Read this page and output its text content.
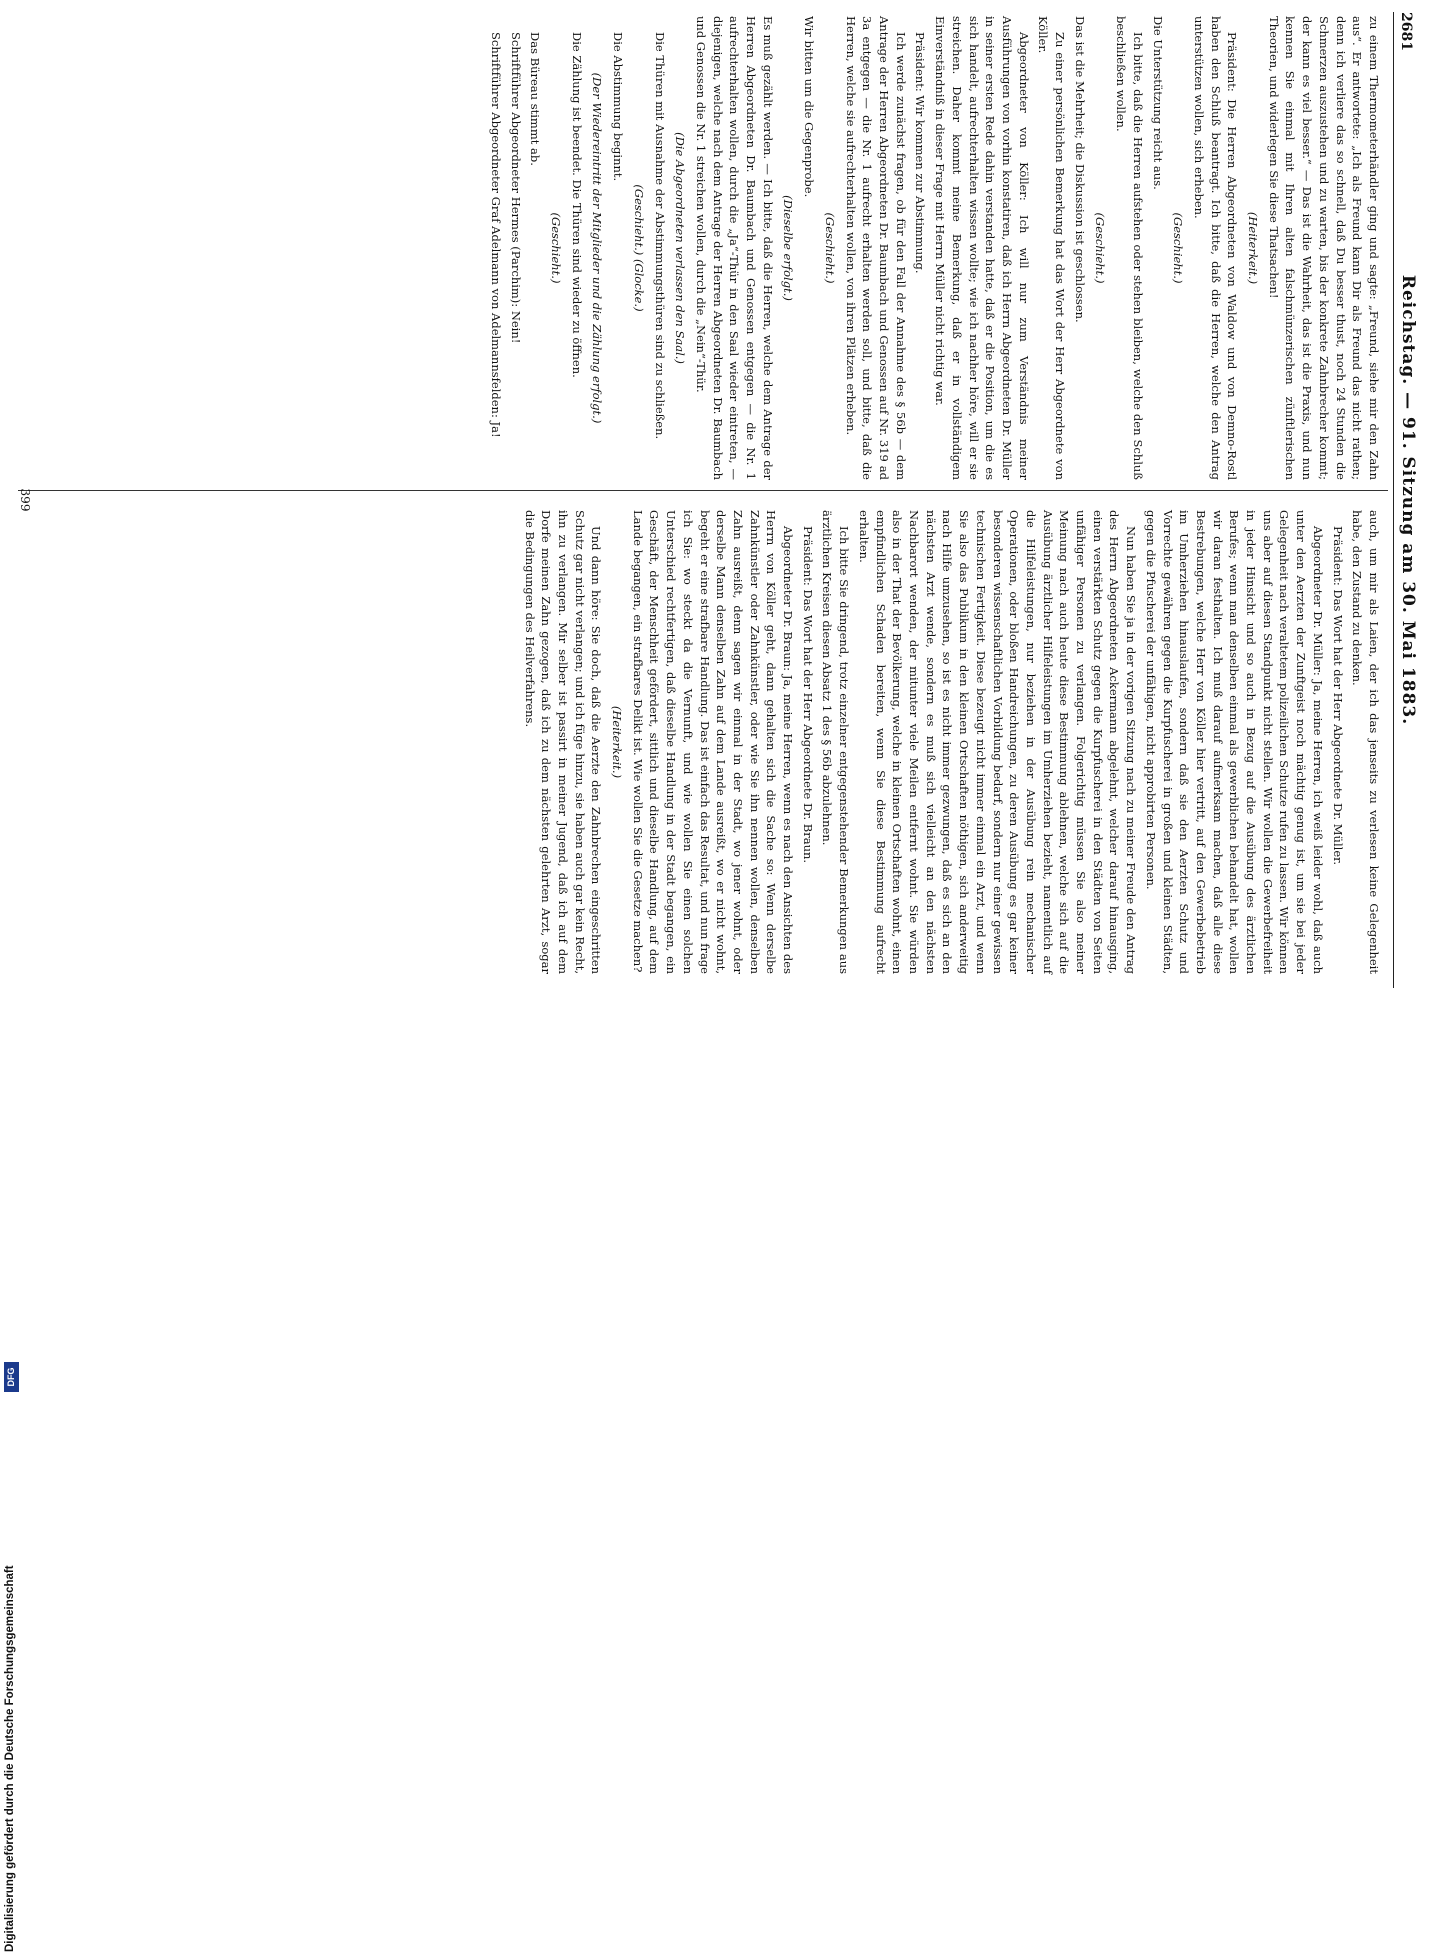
2681
Reichstag. — 91. Sitzung am 30. Mai 1883.

zu einem Thermometerhändler ging und sagte: „Freund, siehe mir den Zahn aus“. Er antwortete: „Ich als Freund kann Dir als Freund das nicht rathen; denn ich verliere das so schnell, daß Du besser thust, noch 24 Stunden die Schmerzen auszustehen und zu warten, bis der konkrete Zahnbrecher kommt; der kann es viel besser.“ — Das ist die Wahrheit, das ist die Praxis, und nun kennen Sie einmal mit Ihren alten falschmünzerischen zünftlerischen Theorien, und widerlegen Sie diese Thatsachen!

(Heiterkeit.)

Präsident: Die Herren Abgeordneten von Waldow und von Demno-Rostl haben den Schluß beantragt. Ich bitte, daß die Herren, welche den Antrag unterstützen wollen, sich erheben.

(Geschieht.)

Die Unterstützung reicht aus.

Ich bitte, daß die Herren aufstehen oder stehen bleiben, welche den Schluß beschließen wollen.

(Geschieht.)

Das ist die Mehrheit; die Diskussion ist geschlossen.

Zu einer persönlichen Bemerkung hat das Wort der Herr Abgeordnete von Köller.

Abgeordneter von Köller: Ich will nur zum Verständnis meiner Ausführungen von vorhin konstatiren, daß ich Herrn Abgeordneten Dr. Müller in seiner ersten Rede dahin verstanden hatte, daß er die Position, um die es sich handelt, aufrechterhalten wissen wollte; wie ich nachher höre, will er sie streichen. Daher kommt meine Bemerkung, daß er in vollständigem Einverständniß in dieser Frage mit Herrn Müller nicht richtig war.

Präsident: Wir kommen zur Abstimmung.

Ich werde zunächst fragen, ob für den Fall der Annahme des § 56b — dem Antrage der Herren Abgeordneten Dr. Baumbach und Genossen auf Nr. 319 ad 3a entgegen — die Nr. 1 aufrecht erhalten werden soll, und bitte, daß die Herren, welche sie aufrechterhalten wollen, von ihren Plätzen erheben.

(Geschieht.)

Wir bitten um die Gegenprobe.

(Dieselbe erfolgt.)

Es muß gezählt werden. — Ich bitte, daß die Herren, welche dem Antrage der Herren Abgeordneten Dr. Baumbach und Genossen entgegen — die Nr. 1 aufrechterhalten wollen, durch die „Ja“-Thür in den Saal wieder eintreten, — diejenigen, welche nach dem Antrage der Herren Abgeordneten Dr. Baumbach und Genossen die Nr. 1 streichen wollen, durch die „Nein“-Thür.

(Die Abgeordneten verlassen den Saal.)

Die Thüren mit Ausnahme der Abstimmungsthüren sind zu schließen.

(Geschieht.) (Glocke.)

Die Abstimmung beginnt.

(Der Wiedereintritt der Mitglieder und die Zählung erfolgt.)

Die Zählung ist beendet. Die Thüren sind wieder zu öffnen.

(Geschieht.)

Das Büreau stimmt ab.

Schriftführer Abgeordneter Hermes (Parchim): Nein!

Schriftführer Abgeordneter Graf Adelmann von Adelmannsfelden: Ja!

auch, um mir als Laien, der ich das jenseits zu verlesen keine Gelegenheit habe, den Zustand zu denken.

Präsident: Das Wort hat der Herr Abgeordnete Dr. Müller.

Abgeordneter Dr. Müller: Ja, meine Herren, ich weiß leider wohl, daß auch unter den Aerzten der Zunftgeist noch mächtig genug ist, um sie bei jeder Gelegenheit nach veraltetem polizeilichen Schutze rufen zu lassen. Wir können uns aber auf diesen Standpunkt nicht stellen. Wir wollen die Gewerbefreiheit in jeder Hinsicht und so auch in Bezug auf die Ausübung des ärztlichen Berufes; wenn man denselben einmal als gewerblichen behandelt hat, wollen wir daran festhalten. Ich muß darauf aufmerksam machen, daß alle diese Bestrebungen, welche Herr von Köller hier vertritt, auf den Gewerbebetrieb im Umherziehen hinauslaufen, sondern daß sie den Aerzten Schutz und Vorrechte gewähren gegen die Kurpfuscherei in großen und kleinen Städten, gegen die Pfuscherei der unfähigen, nicht approbirten Personen.

Nun haben Sie ja in der vorigen Sitzung nach zu meiner Freude den Antrag des Herrn Abgeordneten Ackermann abgelehnt, welcher darauf hinausging, einen verstärkten Schutz gegen die Kurpfuscherei in den Städten von Seiten unfähiger Personen zu verlangen. Folgerichtig müssen Sie also meiner Meinung nach auch heute diese Bestimmung ablehnen, welche sich auf die Ausübung ärztlicher Hilfeleistungen im Umherziehen bezieht, namentlich auf die Hilfeleistungen, nur beziehen in der Ausübung rein mechanischer Operationen, oder bloßen Handreichungen, zu deren Ausübung es gar keiner besonderen wissenschaftlichen Vorbildung bedarf, sondern nur einer gewissen technischen Fertigkeit. Diese bezeugt nicht immer einmal ein Arzt, und wenn Sie also das Publikum in den kleinen Ortschaften nöthigen, sich anderweitig nach Hilfe umzusehen, so ist es nicht immer gezwungen, daß es sich an den nächsten Arzt wende, sondern es muß sich vielleicht an den nächsten Nachbarort wenden, der mitunter viele Meilen entfernt wohnt. Sie würden also in der That der Bevölkerung, welche in kleinen Ortschaften wohnt, einen empfindlichen Schaden bereiten, wenn Sie diese Bestimmung aufrecht erhalten.

Ich bitte Sie dringend, trotz einzelner entgegenstehender Bemerkungen aus ärztlichen Kreisen diesen Absatz 1 des § 56b abzulehnen.

Präsident: Das Wort hat der Herr Abgeordnete Dr. Braun.

Abgeordneter Dr. Braun: Ja, meine Herren, wenn es nach den Ansichten des Herrn von Köller geht, dann gehalten sich die Sache so: Wenn derselbe Zahnkünstler oder Zahnkünstler, oder wie Sie ihn nennen wollen, denselben Zahn ausreißt, denn sagen wir einmal in der Stadt, wo jener wohnt, oder derselbe Mann denselben Zahn auf dem Lande ausreißt, wo er nicht wohnt, begeht er eine strafbare Handlung. Das ist einfach das Resultat, und nun frage ich Sie: wo steckt da die Vernunft, und wie wollen Sie einen solchen Unterschied rechtfertigen, daß dieselbe Handlung in der Stadt begangen, ein Geschäft, der Menschheit gefördert, sittlich und dieselbe Handlung, auf dem Lande begangen, ein strafbares Delikt ist. Wie wollen Sie die Gesetze machen?

(Heiterkeit.)

Und dann höre: Sie doch, daß die Aerzte den Zahnbrechen eingeschritten Schutz gar nicht verlangen; und ich füge hinzu, sie haben auch gar kein Recht, ihn zu verlangen. Mir selber ist passirt in meiner Jugend, daß ich auf dem Dorfe meinen Zahn gezogen, daß ich zu dem nächsten gelehrten Arzt, sogar die Bedingungen des Heilverfahrens.

399
Digitalisierung gefördert durch die Deutsche Forschungsgemeinschaft
DFG
